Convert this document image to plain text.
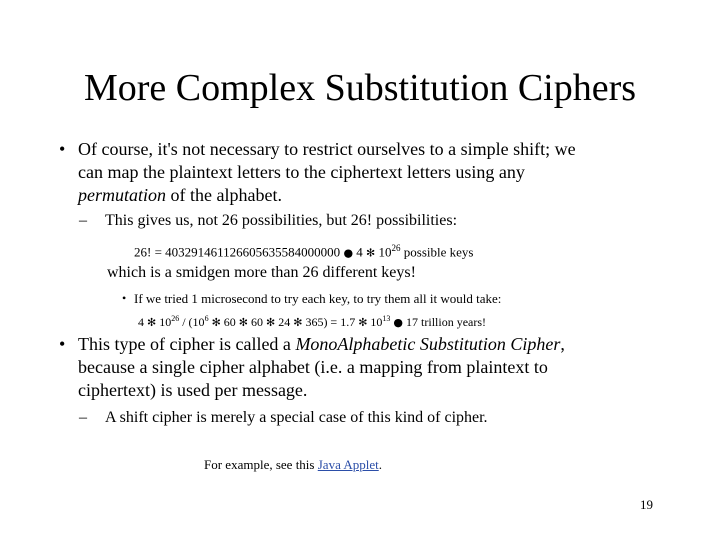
More Complex Substitution Ciphers
• Of course, it's not necessary to restrict ourselves to a simple shift; we
can map the plaintext letters to the ciphertext letters using any
permutation of the alphabet.
– This gives us, not 26 possibilities, but 26! possibilities:
26! = 403291461126605635584000000 ● 4 ✻ $10^{26}$ possible keys
which is a smidgen more than 26 different keys!
• If we tried 1 microsecond to try each key, to try them all it would take:
4 ✻ $10^{26} / (10^6$ ✻ 60 ✻ 60 ✻ 24 ✻ 365) = 1.7 ✻ $10^{13}$ ● 17 trillion years!
• This type of cipher is called a MonoAlphabetic Substitution Cipher,
because a single cipher alphabet (i.e. a mapping from plaintext to
ciphertext) is used per message.
– A shift cipher is merely a special case of this kind of cipher.
For example, see this Java Applet.
19
